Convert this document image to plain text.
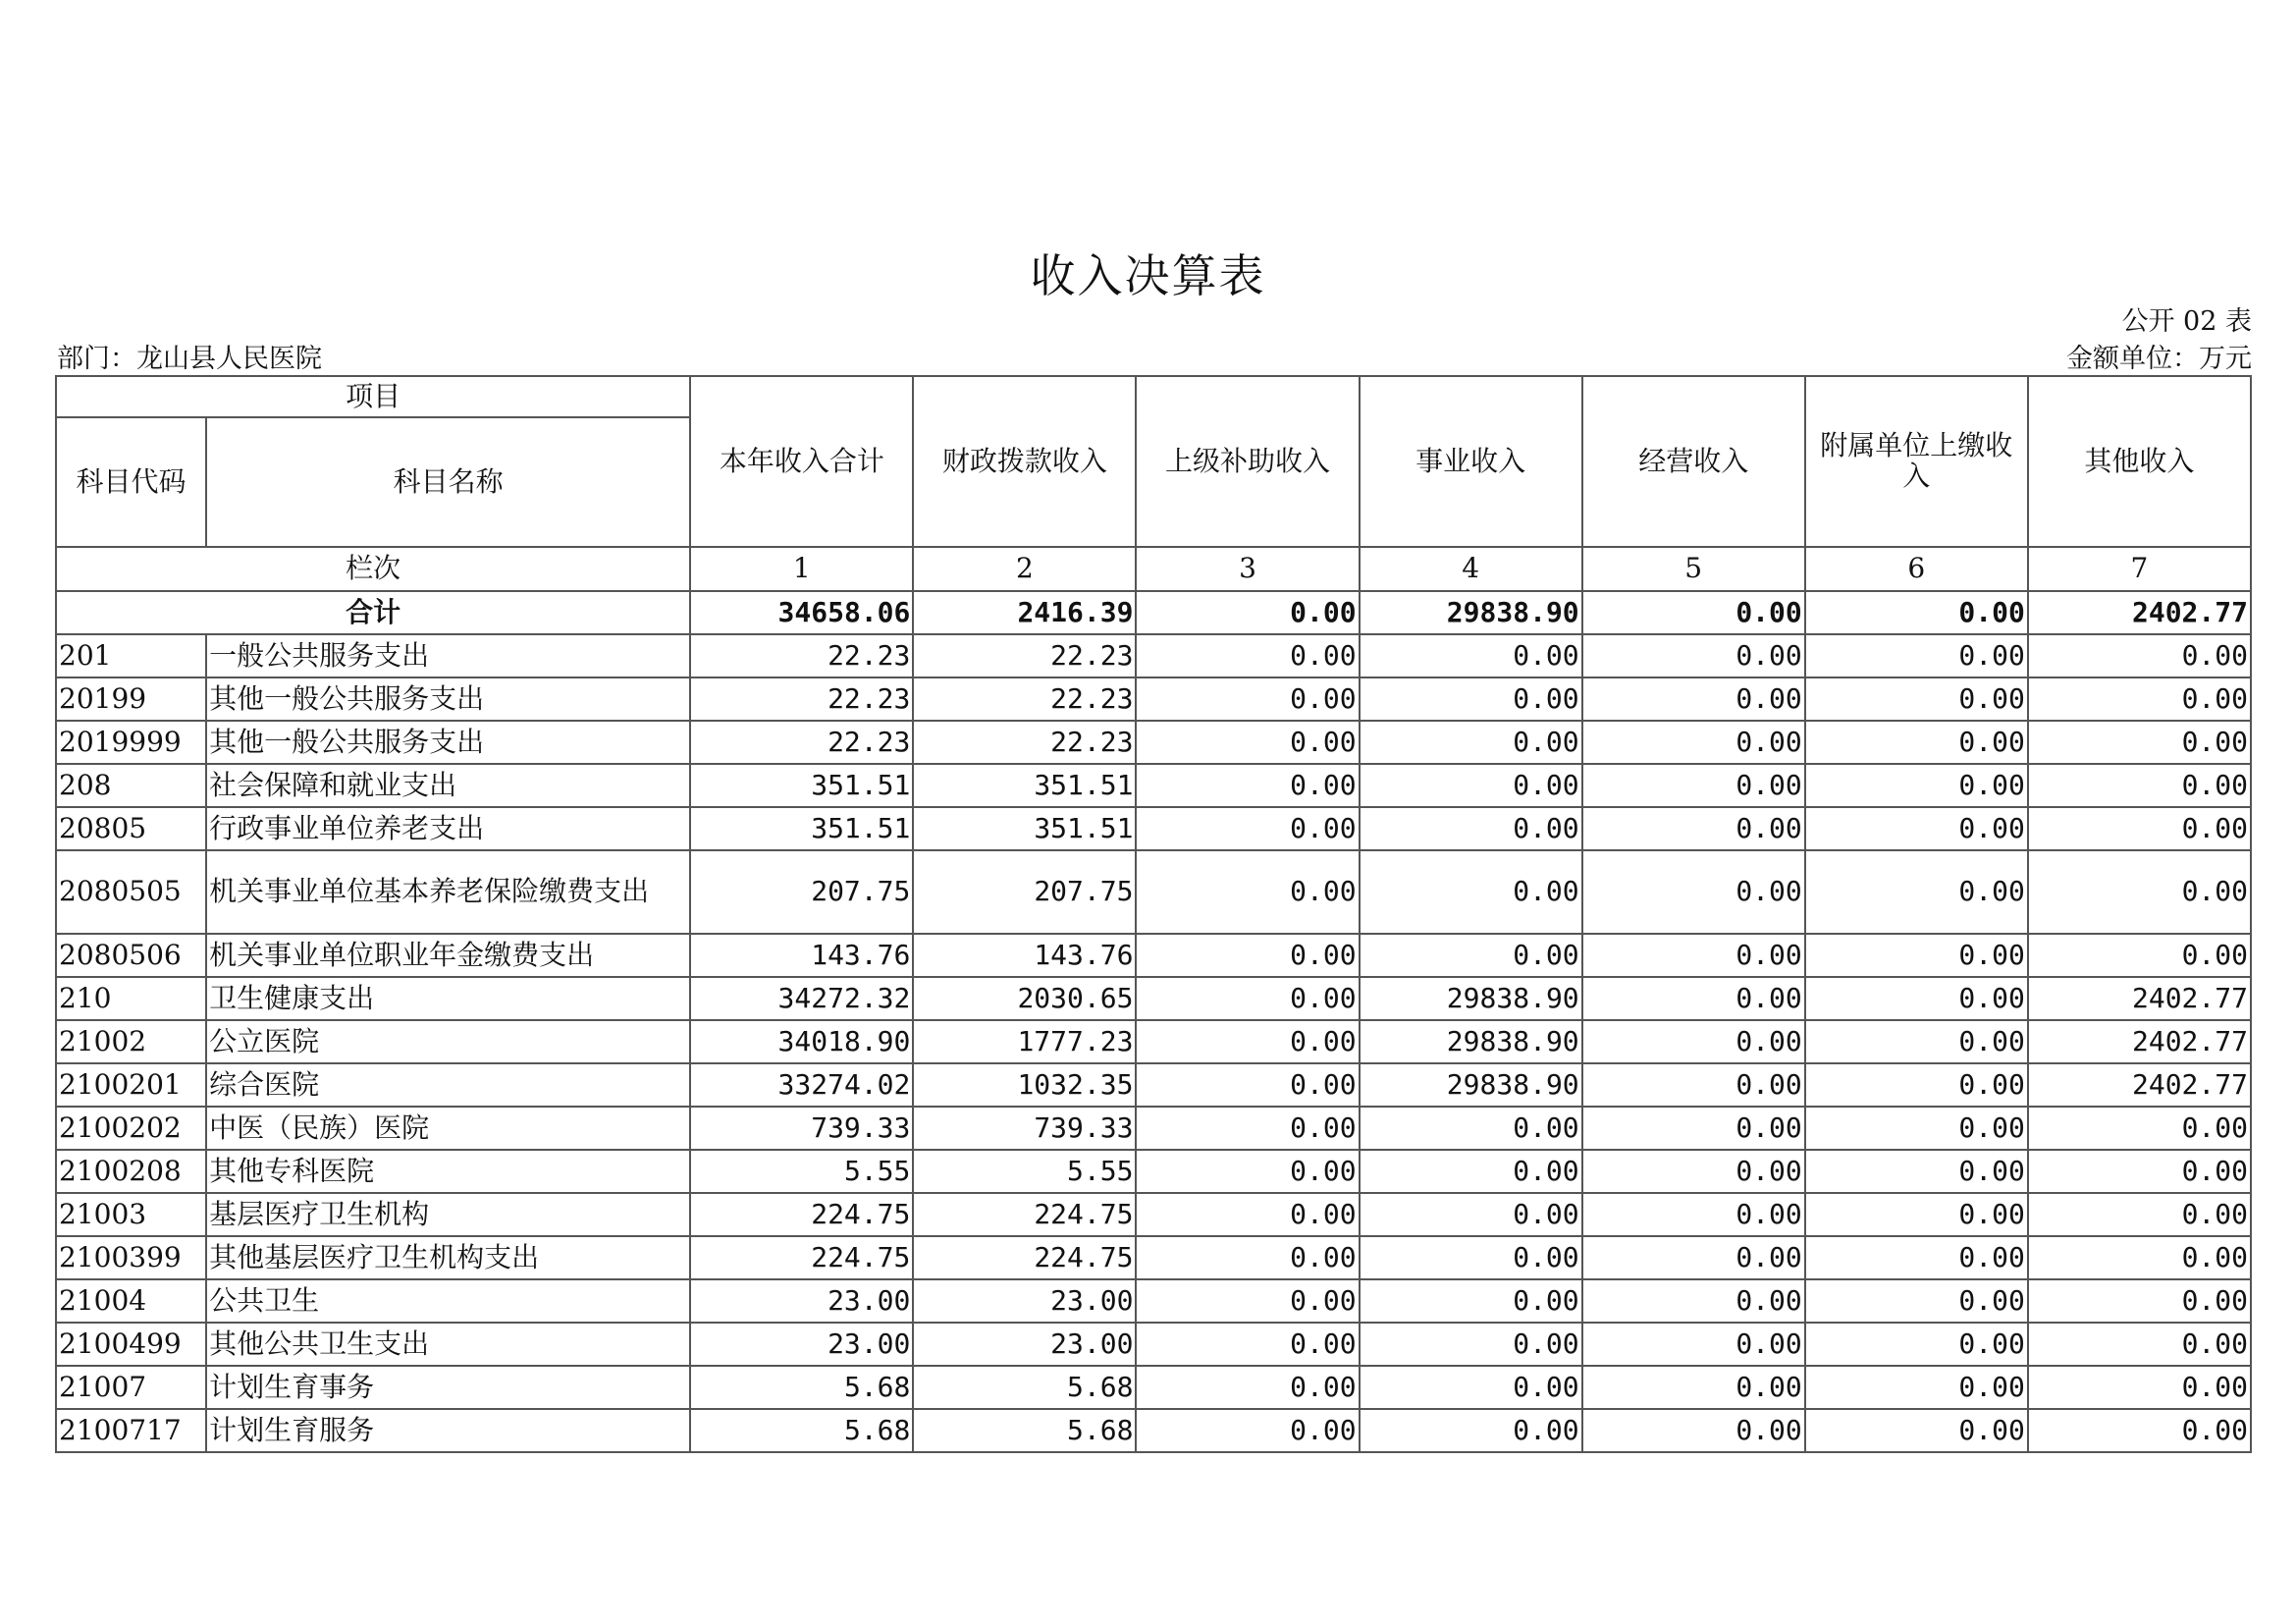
收入决算表
公开 02 表
部门：龙山县人民医院	金额单位：万元
项目		本年收入合计	财政拨款收入	上级补助收入	事业收入	经营收入	附属单位上缴收入	其他收入
科目代码	科目名称							
栏次		1	2	3	4	5	6	7
合计		34658.06	2416.39	0.00	29838.90	0.00	0.00	2402.77
201	一般公共服务支出	22.23	22.23	0.00	0.00	0.00	0.00	0.00
20199	其他一般公共服务支出	22.23	22.23	0.00	0.00	0.00	0.00	0.00
2019999	其他一般公共服务支出	22.23	22.23	0.00	0.00	0.00	0.00	0.00
208	社会保障和就业支出	351.51	351.51	0.00	0.00	0.00	0.00	0.00
20805	行政事业单位养老支出	351.51	351.51	0.00	0.00	0.00	0.00	0.00
2080505	机关事业单位基本养老保险缴费支出	207.75	207.75	0.00	0.00	0.00	0.00	0.00
2080506	机关事业单位职业年金缴费支出	143.76	143.76	0.00	0.00	0.00	0.00	0.00
210	卫生健康支出	34272.32	2030.65	0.00	29838.90	0.00	0.00	2402.77
21002	公立医院	34018.90	1777.23	0.00	29838.90	0.00	0.00	2402.77
2100201	综合医院	33274.02	1032.35	0.00	29838.90	0.00	0.00	2402.77
2100202	中医（民族）医院	739.33	739.33	0.00	0.00	0.00	0.00	0.00
2100208	其他专科医院	5.55	5.55	0.00	0.00	0.00	0.00	0.00
21003	基层医疗卫生机构	224.75	224.75	0.00	0.00	0.00	0.00	0.00
2100399	其他基层医疗卫生机构支出	224.75	224.75	0.00	0.00	0.00	0.00	0.00
21004	公共卫生	23.00	23.00	0.00	0.00	0.00	0.00	0.00
2100499	其他公共卫生支出	23.00	23.00	0.00	0.00	0.00	0.00	0.00
21007	计划生育事务	5.68	5.68	0.00	0.00	0.00	0.00	0.00
2100717	计划生育服务	5.68	5.68	0.00	0.00	0.00	0.00	0.00
